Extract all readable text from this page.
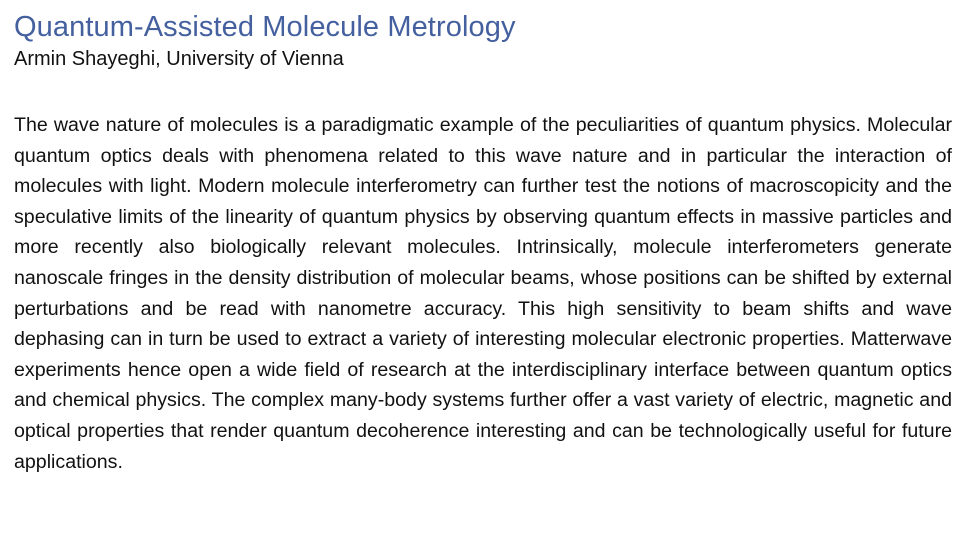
Quantum-Assisted Molecule Metrology
Armin Shayeghi, University of Vienna

The wave nature of molecules is a paradigmatic example of the peculiarities of quantum physics. Molecular quantum optics deals with phenomena related to this wave nature and in particular the interaction of molecules with light. Modern molecule interferometry can further test the notions of macroscopicity and the speculative limits of the linearity of quantum physics by observing quantum effects in massive particles and more recently also biologically relevant molecules. Intrinsically, molecule interferometers generate nanoscale fringes in the density distribution of molecular beams, whose positions can be shifted by external perturbations and be read with nanometre accuracy. This high sensitivity to beam shifts and wave dephasing can in turn be used to extract a variety of interesting molecular electronic properties. Matterwave experiments hence open a wide field of research at the interdisciplinary interface between quantum optics and chemical physics. The complex many-body systems further offer a vast variety of electric, magnetic and optical properties that render quantum decoherence interesting and can be technologically useful for future applications.
